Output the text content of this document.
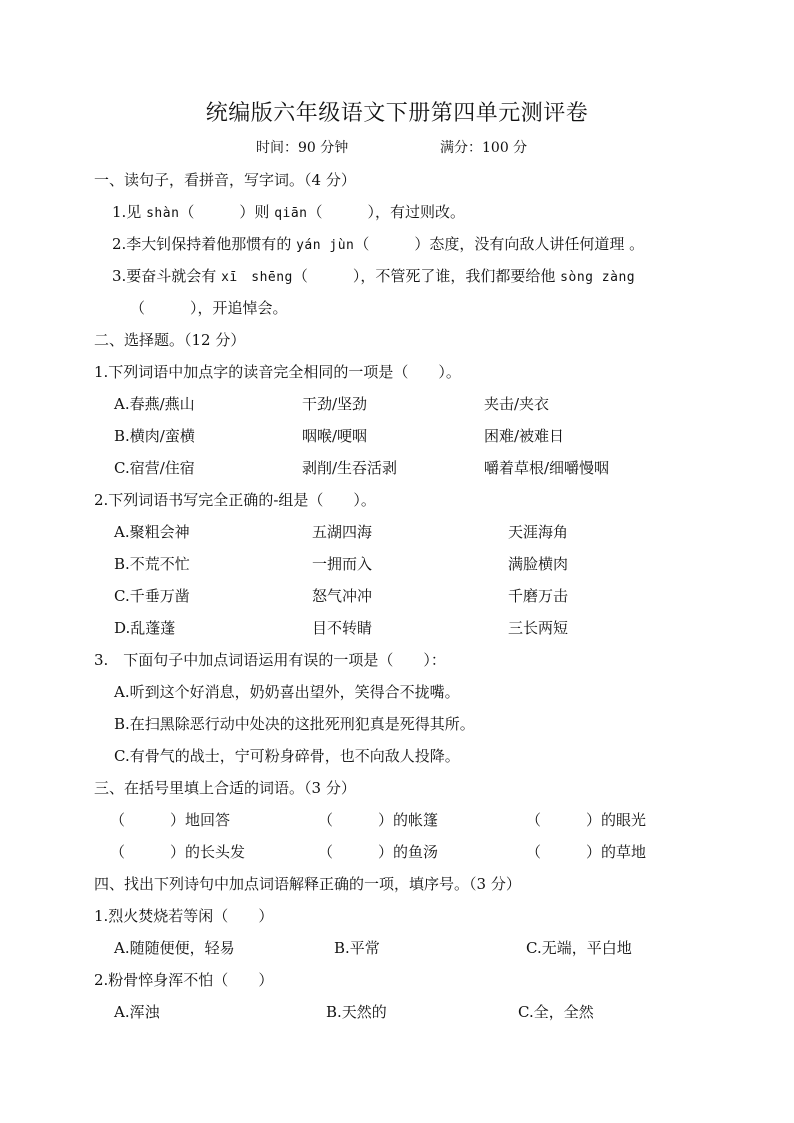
统编版六年级语文下册第四单元测评卷
时间：90 分钟	满分：100 分
一、读句子，看拼音，写字词。（4 分）
1.见 shàn（　　　）则 qiān（　　　），有过则改。
2.李大钊保持着他那惯有的 yán jùn（　　　）态度，没有向敌人讲任何道理 。
3.要奋斗就会有 xī　shēng（　　　），不管死了谁，我们都要给他 sòng zàng
（　　　），开追悼会。
二、选择题。（12 分）
1.下列词语中加点字的读音完全相同的一项是（　　）。
A.春燕/燕山	干劲/坚劲	夹击/夹衣
B.横肉/蛮横	咽喉/哽咽	困难/被难日
C.宿营/住宿	剥削/生吞活剥	嚼着草根/细嚼慢咽
2.下列词语书写完全正确的-组是（　　）。
A.聚粗会神	五湖四海	天涯海角
B.不荒不忙	一拥而入	满脸横肉
C.千垂万凿	怒气冲冲	千磨万击
D.乱蓬蓬	目不转睛	三长两短
3.　下面句子中加点词语运用有误的一项是（　　）：
A.听到这个好消息，奶奶喜出望外，笑得合不拢嘴。
B.在扫黑除恶行动中处决的这批死刑犯真是死得其所。
C.有骨气的战士，宁可粉身碎骨，也不向敌人投降。
三、在括号里填上合适的词语。（3 分）
（　　　）地回答	（　　　）的帐篷	（　　　）的眼光
（　　　）的长头发	（　　　）的鱼汤	（　　　）的草地
四、找出下列诗句中加点词语解释正确的一项，填序号。（3 分）
1.烈火焚烧若等闲（　　）
A.随随便便，轻易	B.平常	C.无端，平白地
2.粉骨悴身浑不怕（　　）
A.浑浊	B.天然的	C.全，全然
